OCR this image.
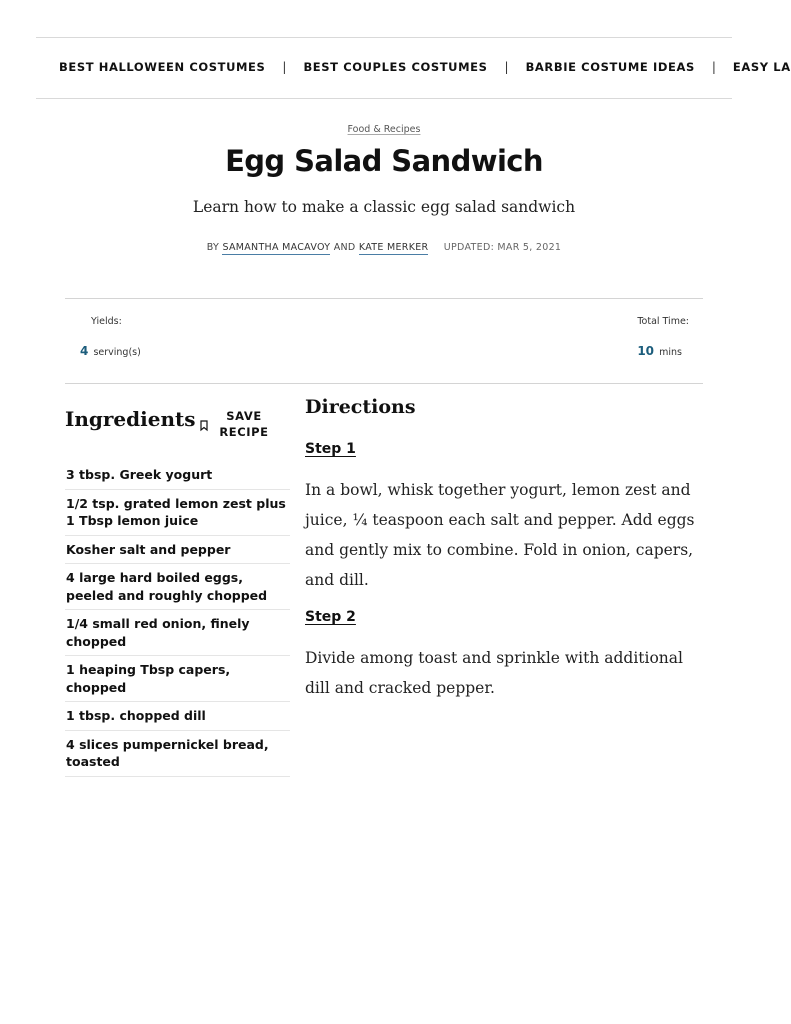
BEST HALLOWEEN COSTUMES | BEST COUPLES COSTUMES | BARBIE COSTUME IDEAS | EASY LA
Food & Recipes
Egg Salad Sandwich

Learn how to make a classic egg salad sandwich

BY SAMANTHA MACAVOY AND KATE MERKER UPDATED: MAR 5, 2021
Yields:
4 serving(s)
Total Time:
10 mins
Ingredients	SAVE
RECIPE
3 tbsp. Greek yogurt
1/2 tsp. grated lemon zest plus 1 Tbsp lemon juice
Kosher salt and pepper
4 large hard boiled eggs, peeled and roughly chopped
1/4 small red onion, finely chopped
1 heaping Tbsp capers, chopped
1 tbsp. chopped dill
4 slices pumpernickel bread, toasted
Directions
Step 1

In a bowl, whisk together yogurt, lemon zest and juice, ¼ teaspoon each salt and pepper. Add eggs and gently mix to combine. Fold in onion, capers, and dill.

Step 2

Divide among toast and sprinkle with additional dill and cracked pepper.
